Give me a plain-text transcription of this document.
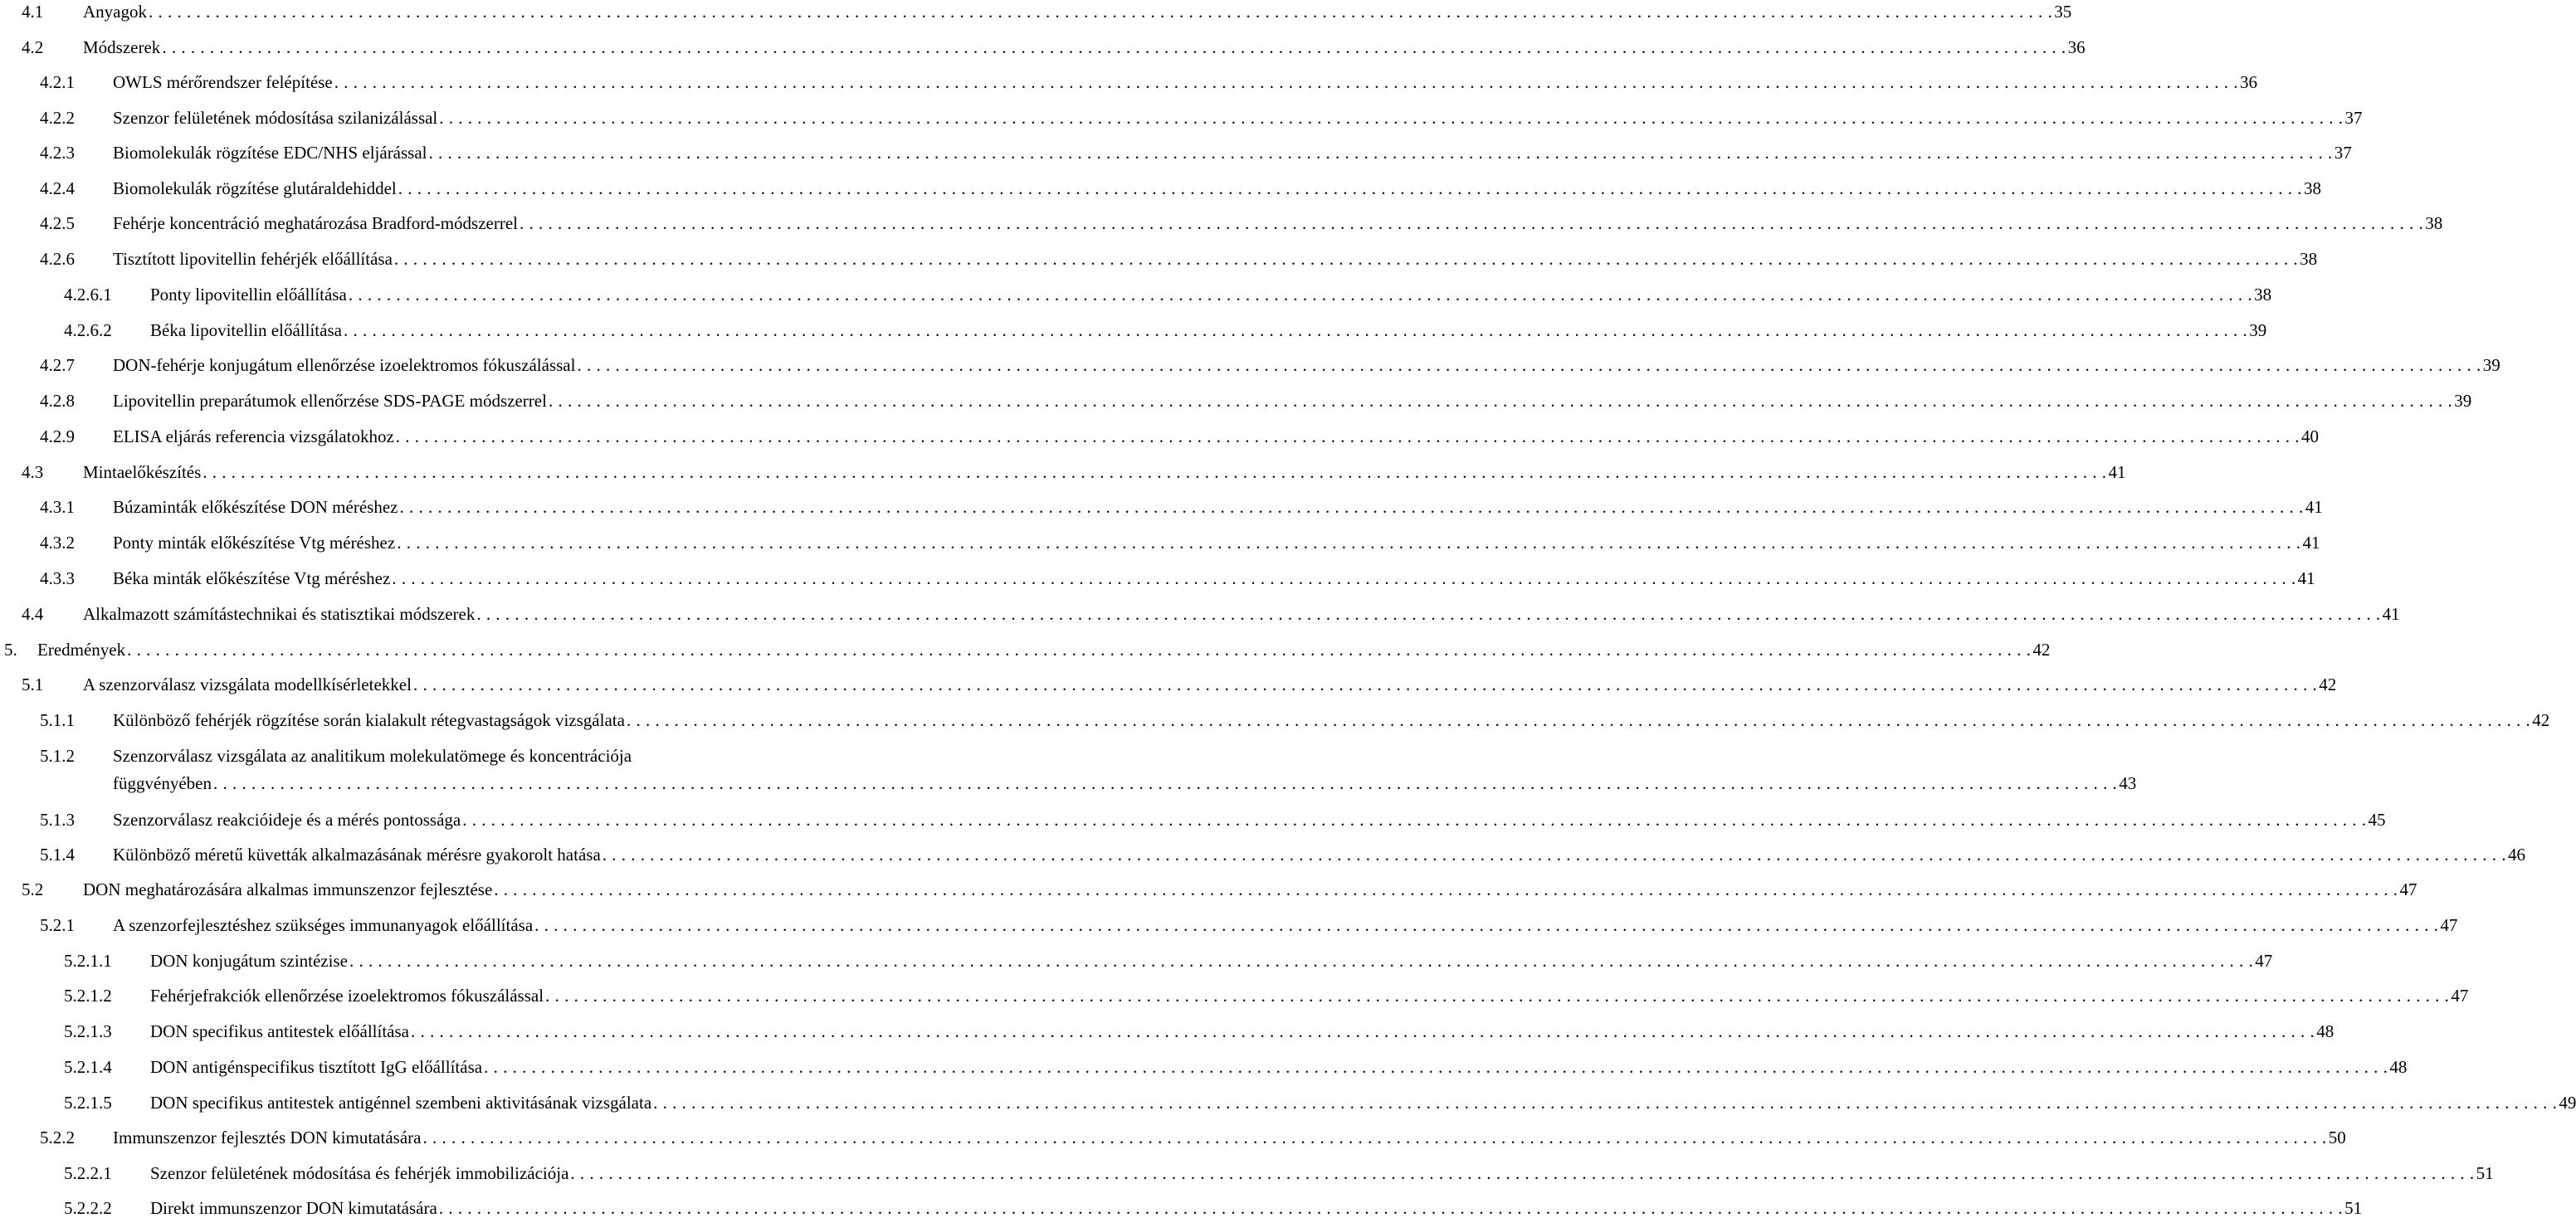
4.1	Anyagok . . . . . . . . . . . . . . . . . . . . . . . . . . . . . . . . . . . . . . . . . . . . . . . . . . . . . . . . . . . . . . . . . . . . . . . . . . . . . . . . . . . . . . . . . . . . . . . . . . . . . . . . . . . . . . . . . . . . . . . . . . . . . . . . . . . . . . . . . . . . . . . . . . . . . . . . . . . . . . . . . . . . . . . . . . . . . . . . . . . . . . . . . . . . . . . . . . . . . . . . 35
4.2	Módszerek . . . . . . . . . . . . . . . . . . . . . . . . . . . . . . . . . . . . . . . . . . . . . . . . . . . . . . . . . . . . . . . . . . . . . . . . . . . . . . . . . . . . . . . . . . . . . . . . . . . . . . . . . . . . . . . . . . . . . . . . . . . . . . . . . . . . . . . . . . . . . . . . . . . . . . . . . . . . . . . . . . . . . . . . . . . . . . . . . . . . . . . . . . . . . . . . . . . . . . . . 36
4.2.1	OWLS mérőrendszer felépítése . . . . . . . . . . . . . . . . . . . . . . . . . . . . . . . . . . . . . . . . . . . . . . . . . . . . . . . . . . . . . . . . . . . . . . . . . . . . . . . . . . . . . . . . . . . . . . . . . . . . . . . . . . . . . . . . . . . . . . . . . . . . . . . . . . . . . . . . . . . . . . . . . . . . . . . . . . . . . . . . . . . . . . . . . . . . . . . . . . . . . . . . . . . . . . . . . . . . . . . . 36
4.2.2	Szenzor felületének módosítása szilanizálással . . . . . . . . . . . . . . . . . . . . . . . . . . . . . . . . . . . . . . . . . . . . . . . . . . . . . . . . . . . . . . . . . . . . . . . . . . . . . . . . . . . . . . . . . . . . . . . . . . . . . . . . . . . . . . . . . . . . . . . . . . . . . . . . . . . . . . . . . . . . . . . . . . . . . . . . . . . . . . . . . . . . . . . . . . . . . . . . . . . . . . . . . . . . . . . . . . . . . . . . 37
4.2.3	Biomolekulák rögzítése EDC/NHS eljárással . . . . . . . . . . . . . . . . . . . . . . . . . . . . . . . . . . . . . . . . . . . . . . . . . . . . . . . . . . . . . . . . . . . . . . . . . . . . . . . . . . . . . . . . . . . . . . . . . . . . . . . . . . . . . . . . . . . . . . . . . . . . . . . . . . . . . . . . . . . . . . . . . . . . . . . . . . . . . . . . . . . . . . . . . . . . . . . . . . . . . . . . . . . . . . . . . . . . . . . . 37
4.2.4	Biomolekulák rögzítése glutáraldehiddel . . . . . . . . . . . . . . . . . . . . . . . . . . . . . . . . . . . . . . . . . . . . . . . . . . . . . . . . . . . . . . . . . . . . . . . . . . . . . . . . . . . . . . . . . . . . . . . . . . . . . . . . . . . . . . . . . . . . . . . . . . . . . . . . . . . . . . . . . . . . . . . . . . . . . . . . . . . . . . . . . . . . . . . . . . . . . . . . . . . . . . . . . . . . . . . . . . . . . . . . 38
4.2.5	Fehérje koncentráció meghatározása Bradford-módszerrel . . . . . . . . . . . . . . . . . . . . . . . . . . . . . . . . . . . . . . . . . . . . . . . . . . . . . . . . . . . . . . . . . . . . . . . . . . . . . . . . . . . . . . . . . . . . . . . . . . . . . . . . . . . . . . . . . . . . . . . . . . . . . . . . . . . . . . . . . . . . . . . . . . . . . . . . . . . . . . . . . . . . . . . . . . . . . . . . . . . . . . . . . . . . . . . . . . . . . . . . 38
4.2.6	Tisztított lipovitellin fehérjék előállítása . . . . . . . . . . . . . . . . . . . . . . . . . . . . . . . . . . . . . . . . . . . . . . . . . . . . . . . . . . . . . . . . . . . . . . . . . . . . . . . . . . . . . . . . . . . . . . . . . . . . . . . . . . . . . . . . . . . . . . . . . . . . . . . . . . . . . . . . . . . . . . . . . . . . . . . . . . . . . . . . . . . . . . . . . . . . . . . . . . . . . . . . . . . . . . . . . . . . . . . . 38
4.2.6.1	Ponty lipovitellin előállítása . . . . . . . . . . . . . . . . . . . . . . . . . . . . . . . . . . . . . . . . . . . . . . . . . . . . . . . . . . . . . . . . . . . . . . . . . . . . . . . . . . . . . . . . . . . . . . . . . . . . . . . . . . . . . . . . . . . . . . . . . . . . . . . . . . . . . . . . . . . . . . . . . . . . . . . . . . . . . . . . . . . . . . . . . . . . . . . . . . . . . . . . . . . . . . . . . . . . . . . . 38
4.2.6.2	Béka lipovitellin előállítása . . . . . . . . . . . . . . . . . . . . . . . . . . . . . . . . . . . . . . . . . . . . . . . . . . . . . . . . . . . . . . . . . . . . . . . . . . . . . . . . . . . . . . . . . . . . . . . . . . . . . . . . . . . . . . . . . . . . . . . . . . . . . . . . . . . . . . . . . . . . . . . . . . . . . . . . . . . . . . . . . . . . . . . . . . . . . . . . . . . . . . . . . . . . . . . . . . . . . . . . 39
4.2.7	DON-fehérje konjugátum ellenőrzése izoelektromos fókuszálással . . . . . . . . . . . . . . . . . . . . . . . . . . . . . . . . . . . . . . . . . . . . . . . . . . . . . . . . . . . . . . . . . . . . . . . . . . . . . . . . . . . . . . . . . . . . . . . . . . . . . . . . . . . . . . . . . . . . . . . . . . . . . . . . . . . . . . . . . . . . . . . . . . . . . . . . . . . . . . . . . . . . . . . . . . . . . . . . . . . . . . . . . . . . . . . . . . . . . . . . 39
4.2.8	Lipovitellin preparátumok ellenőrzése SDS-PAGE módszerrel . . . . . . . . . . . . . . . . . . . . . . . . . . . . . . . . . . . . . . . . . . . . . . . . . . . . . . . . . . . . . . . . . . . . . . . . . . . . . . . . . . . . . . . . . . . . . . . . . . . . . . . . . . . . . . . . . . . . . . . . . . . . . . . . . . . . . . . . . . . . . . . . . . . . . . . . . . . . . . . . . . . . . . . . . . . . . . . . . . . . . . . . . . . . . . . . . . . . . . . . 39
4.2.9	ELISA eljárás referencia vizsgálatokhoz . . . . . . . . . . . . . . . . . . . . . . . . . . . . . . . . . . . . . . . . . . . . . . . . . . . . . . . . . . . . . . . . . . . . . . . . . . . . . . . . . . . . . . . . . . . . . . . . . . . . . . . . . . . . . . . . . . . . . . . . . . . . . . . . . . . . . . . . . . . . . . . . . . . . . . . . . . . . . . . . . . . . . . . . . . . . . . . . . . . . . . . . . . . . . . . . . . . . . . . . 40
4.3	Mintaelőkészítés . . . . . . . . . . . . . . . . . . . . . . . . . . . . . . . . . . . . . . . . . . . . . . . . . . . . . . . . . . . . . . . . . . . . . . . . . . . . . . . . . . . . . . . . . . . . . . . . . . . . . . . . . . . . . . . . . . . . . . . . . . . . . . . . . . . . . . . . . . . . . . . . . . . . . . . . . . . . . . . . . . . . . . . . . . . . . . . . . . . . . . . . . . . . . . . . . . . . . . . . 41
4.3.1	Búzaminták előkészítése DON méréshez . . . . . . . . . . . . . . . . . . . . . . . . . . . . . . . . . . . . . . . . . . . . . . . . . . . . . . . . . . . . . . . . . . . . . . . . . . . . . . . . . . . . . . . . . . . . . . . . . . . . . . . . . . . . . . . . . . . . . . . . . . . . . . . . . . . . . . . . . . . . . . . . . . . . . . . . . . . . . . . . . . . . . . . . . . . . . . . . . . . . . . . . . . . . . . . . . . . . . . . . 41
4.3.2	Ponty minták előkészítése Vtg méréshez . . . . . . . . . . . . . . . . . . . . . . . . . . . . . . . . . . . . . . . . . . . . . . . . . . . . . . . . . . . . . . . . . . . . . . . . . . . . . . . . . . . . . . . . . . . . . . . . . . . . . . . . . . . . . . . . . . . . . . . . . . . . . . . . . . . . . . . . . . . . . . . . . . . . . . . . . . . . . . . . . . . . . . . . . . . . . . . . . . . . . . . . . . . . . . . . . . . . . . . . 41
4.3.3	Béka minták előkészítése Vtg méréshez . . . . . . . . . . . . . . . . . . . . . . . . . . . . . . . . . . . . . . . . . . . . . . . . . . . . . . . . . . . . . . . . . . . . . . . . . . . . . . . . . . . . . . . . . . . . . . . . . . . . . . . . . . . . . . . . . . . . . . . . . . . . . . . . . . . . . . . . . . . . . . . . . . . . . . . . . . . . . . . . . . . . . . . . . . . . . . . . . . . . . . . . . . . . . . . . . . . . . . . . 41
4.4	Alkalmazott számítástechnikai és statisztikai módszerek . . . . . . . . . . . . . . . . . . . . . . . . . . . . . . . . . . . . . . . . . . . . . . . . . . . . . . . . . . . . . . . . . . . . . . . . . . . . . . . . . . . . . . . . . . . . . . . . . . . . . . . . . . . . . . . . . . . . . . . . . . . . . . . . . . . . . . . . . . . . . . . . . . . . . . . . . . . . . . . . . . . . . . . . . . . . . . . . . . . . . . . . . . . . . . . . . . . . . . . . 41
5.	Eredmények . . . . . . . . . . . . . . . . . . . . . . . . . . . . . . . . . . . . . . . . . . . . . . . . . . . . . . . . . . . . . . . . . . . . . . . . . . . . . . . . . . . . . . . . . . . . . . . . . . . . . . . . . . . . . . . . . . . . . . . . . . . . . . . . . . . . . . . . . . . . . . . . . . . . . . . . . . . . . . . . . . . . . . . . . . . . . . . . . . . . . . . . . . . . . . . . . . . . . . . . 42
5.1	A szenzorválasz vizsgálata modellkísérletekkel . . . . . . . . . . . . . . . . . . . . . . . . . . . . . . . . . . . . . . . . . . . . . . . . . . . . . . . . . . . . . . . . . . . . . . . . . . . . . . . . . . . . . . . . . . . . . . . . . . . . . . . . . . . . . . . . . . . . . . . . . . . . . . . . . . . . . . . . . . . . . . . . . . . . . . . . . . . . . . . . . . . . . . . . . . . . . . . . . . . . . . . . . . . . . . . . . . . . . . . . 42
5.1.1	Különböző fehérjék rögzítése során kialakult rétegvastagságok vizsgálata . . . . . . . . . . . . . . . . . . . . . . . . . . . . . . . . . . . . . . . . . . . . . . . . . . . . . . . . . . . . . . . . . . . . . . . . . . . . . . . . . . . . . . . . . . . . . . . . . . . . . . . . . . . . . . . . . . . . . . . . . . . . . . . . . . . . . . . . . . . . . . . . . . . . . . . . . . . . . . . . . . . . . . . . . . . . . . . . . . . . . . . . . . . . . . . . . . . . . . . . 42
5.1.2	Szenzorválasz vizsgálata az analitikum molekulatömege és koncentrációja
függvényében . . . . . . . . . . . . . . . . . . . . . . . . . . . . . . . . . . . . . . . . . . . . . . . . . . . . . . . . . . . . . . . . . . . . . . . . . . . . . . . . . . . . . . . . . . . . . . . . . . . . . . . . . . . . . . . . . . . . . . . . . . . . . . . . . . . . . . . . . . . . . . . . . . . . . . . . . . . . . . . . . . . . . . . . . . . . . . . . . . . . . . . . . . . . . . . . . . . . . . . . 43
5.1.3	Szenzorválasz reakcióideje és a mérés pontossága . . . . . . . . . . . . . . . . . . . . . . . . . . . . . . . . . . . . . . . . . . . . . . . . . . . . . . . . . . . . . . . . . . . . . . . . . . . . . . . . . . . . . . . . . . . . . . . . . . . . . . . . . . . . . . . . . . . . . . . . . . . . . . . . . . . . . . . . . . . . . . . . . . . . . . . . . . . . . . . . . . . . . . . . . . . . . . . . . . . . . . . . . . . . . . . . . . . . . . . . 45
5.1.4	Különböző méretű küvetták alkalmazásának mérésre gyakorolt hatása . . . . . . . . . . . . . . . . . . . . . . . . . . . . . . . . . . . . . . . . . . . . . . . . . . . . . . . . . . . . . . . . . . . . . . . . . . . . . . . . . . . . . . . . . . . . . . . . . . . . . . . . . . . . . . . . . . . . . . . . . . . . . . . . . . . . . . . . . . . . . . . . . . . . . . . . . . . . . . . . . . . . . . . . . . . . . . . . . . . . . . . . . . . . . . . . . . . . . . . . 46
5.2	DON meghatározására alkalmas immunszenzor fejlesztése . . . . . . . . . . . . . . . . . . . . . . . . . . . . . . . . . . . . . . . . . . . . . . . . . . . . . . . . . . . . . . . . . . . . . . . . . . . . . . . . . . . . . . . . . . . . . . . . . . . . . . . . . . . . . . . . . . . . . . . . . . . . . . . . . . . . . . . . . . . . . . . . . . . . . . . . . . . . . . . . . . . . . . . . . . . . . . . . . . . . . . . . . . . . . . . . . . . . . . . . 47
5.2.1	A szenzorfejlesztéshez szükséges immunanyagok előállítása . . . . . . . . . . . . . . . . . . . . . . . . . . . . . . . . . . . . . . . . . . . . . . . . . . . . . . . . . . . . . . . . . . . . . . . . . . . . . . . . . . . . . . . . . . . . . . . . . . . . . . . . . . . . . . . . . . . . . . . . . . . . . . . . . . . . . . . . . . . . . . . . . . . . . . . . . . . . . . . . . . . . . . . . . . . . . . . . . . . . . . . . . . . . . . . . . . . . . . . . 47
5.2.1.1	DON konjugátum szintézise . . . . . . . . . . . . . . . . . . . . . . . . . . . . . . . . . . . . . . . . . . . . . . . . . . . . . . . . . . . . . . . . . . . . . . . . . . . . . . . . . . . . . . . . . . . . . . . . . . . . . . . . . . . . . . . . . . . . . . . . . . . . . . . . . . . . . . . . . . . . . . . . . . . . . . . . . . . . . . . . . . . . . . . . . . . . . . . . . . . . . . . . . . . . . . . . . . . . . . . . 47
5.2.1.2	Fehérjefrakciók ellenőrzése izoelektromos fókuszálással . . . . . . . . . . . . . . . . . . . . . . . . . . . . . . . . . . . . . . . . . . . . . . . . . . . . . . . . . . . . . . . . . . . . . . . . . . . . . . . . . . . . . . . . . . . . . . . . . . . . . . . . . . . . . . . . . . . . . . . . . . . . . . . . . . . . . . . . . . . . . . . . . . . . . . . . . . . . . . . . . . . . . . . . . . . . . . . . . . . . . . . . . . . . . . . . . . . . . . . . 47
5.2.1.3	DON specifikus antitestek előállítása . . . . . . . . . . . . . . . . . . . . . . . . . . . . . . . . . . . . . . . . . . . . . . . . . . . . . . . . . . . . . . . . . . . . . . . . . . . . . . . . . . . . . . . . . . . . . . . . . . . . . . . . . . . . . . . . . . . . . . . . . . . . . . . . . . . . . . . . . . . . . . . . . . . . . . . . . . . . . . . . . . . . . . . . . . . . . . . . . . . . . . . . . . . . . . . . . . . . . . . . 48
5.2.1.4	DON antigénspecifikus tisztított IgG előállítása . . . . . . . . . . . . . . . . . . . . . . . . . . . . . . . . . . . . . . . . . . . . . . . . . . . . . . . . . . . . . . . . . . . . . . . . . . . . . . . . . . . . . . . . . . . . . . . . . . . . . . . . . . . . . . . . . . . . . . . . . . . . . . . . . . . . . . . . . . . . . . . . . . . . . . . . . . . . . . . . . . . . . . . . . . . . . . . . . . . . . . . . . . . . . . . . . . . . . . . . 48
5.2.1.5	DON specifikus antitestek antigénnel szembeni aktivitásának vizsgálata . . . . . . . . . . . . . . . . . . . . . . . . . . . . . . . . . . . . . . . . . . . . . . . . . . . . . . . . . . . . . . . . . . . . . . . . . . . . . . . . . . . . . . . . . . . . . . . . . . . . . . . . . . . . . . . . . . . . . . . . . . . . . . . . . . . . . . . . . . . . . . . . . . . . . . . . . . . . . . . . . . . . . . . . . . . . . . . . . . . . . . . . . . . . . . . . . . . . . . . . 49
5.2.2	Immunszenzor fejlesztés DON kimutatására . . . . . . . . . . . . . . . . . . . . . . . . . . . . . . . . . . . . . . . . . . . . . . . . . . . . . . . . . . . . . . . . . . . . . . . . . . . . . . . . . . . . . . . . . . . . . . . . . . . . . . . . . . . . . . . . . . . . . . . . . . . . . . . . . . . . . . . . . . . . . . . . . . . . . . . . . . . . . . . . . . . . . . . . . . . . . . . . . . . . . . . . . . . . . . . . . . . . . . . . 50
5.2.2.1	Szenzor felületének módosítása és fehérjék immobilizációja . . . . . . . . . . . . . . . . . . . . . . . . . . . . . . . . . . . . . . . . . . . . . . . . . . . . . . . . . . . . . . . . . . . . . . . . . . . . . . . . . . . . . . . . . . . . . . . . . . . . . . . . . . . . . . . . . . . . . . . . . . . . . . . . . . . . . . . . . . . . . . . . . . . . . . . . . . . . . . . . . . . . . . . . . . . . . . . . . . . . . . . . . . . . . . . . . . . . . . . . 51
5.2.2.2	Direkt immunszenzor DON kimutatására . . . . . . . . . . . . . . . . . . . . . . . . . . . . . . . . . . . . . . . . . . . . . . . . . . . . . . . . . . . . . . . . . . . . . . . . . . . . . . . . . . . . . . . . . . . . . . . . . . . . . . . . . . . . . . . . . . . . . . . . . . . . . . . . . . . . . . . . . . . . . . . . . . . . . . . . . . . . . . . . . . . . . . . . . . . . . . . . . . . . . . . . . . . . . . . . . . . . . . . . 51
